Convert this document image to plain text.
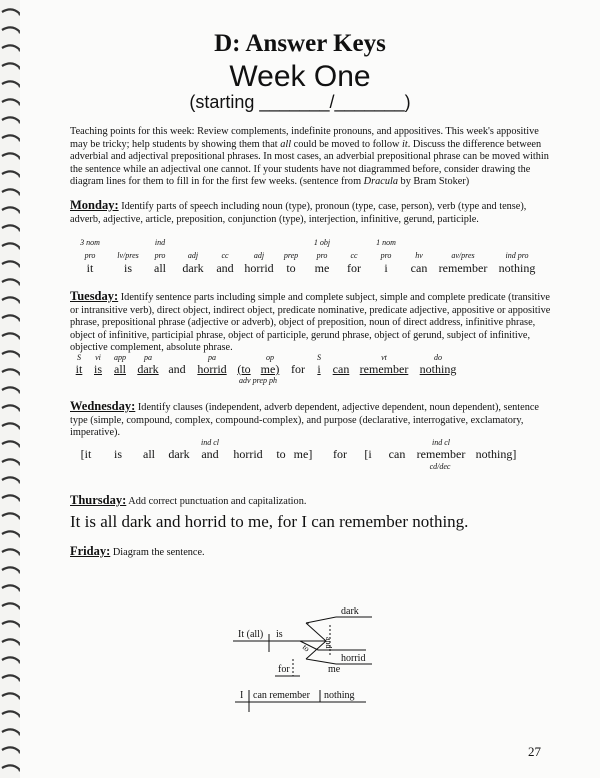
D: Answer Keys
Week One
(starting _______/_______)
Teaching points for this week: Review complements, indefinite pronouns, and appositives. This week's appositive may be tricky; help students by showing them that all could be moved to follow it. Discuss the difference between adverbial and adjectival prepositional phrases. In most cases, an adverbial prepositional phrase can be moved within the sentence while an adjectival one cannot. If your students have not diagrammed before, consider drawing the diagram lines for them to fill in for the first few weeks. (sentence from Dracula by Bram Stoker)
Monday: Identify parts of speech including noun (type), pronoun (type, case, person), verb (type and tense), adverb, adjective, article, preposition, conjunction (type), interjection, infinitive, gerund, participle.
Tuesday: Identify sentence parts including simple and complete subject, simple and complete predicate (transitive or intransitive verb), direct object, indirect object, predicate nominative, predicate adjective, appositive or appositive phrase, prepositional phrase (adjective or adverb), object of preposition, noun of direct address, infinitive phrase, object of infinitive, participial phrase, object of participle, gerund phrase, object of gerund, subject of infinitive, objective complement, absolute phrase.
adv prep ph
Wednesday: Identify clauses (independent, adverb dependent, adjective dependent, noun dependent), sentence type (simple, compound, complex, compound-complex), and purpose (declarative, interrogative, exclamatory, imperative).
cd/dec
Thursday: Add correct punctuation and capitalization.
It is all dark and horrid to me, for I can remember nothing.
Friday: Diagram the sentence.
It (all) is
dark
horrid
and
to
me
for
I can remember nothing
27
3 nom
pro
it
lv/pres
is
ind
pro
all
adj
dark
cc
and
adj
horrid
prep
to
1 obj
pro
me
cc
for
1 nom
pro
i
hv
can
av/pres
remember
ind pro
nothing
S
it
vi
is
app
all
pa
dark and
pa
horrid (to
op
me) for
S
i can
vt
remember
do
nothing
[it is all dark
ind cl
and horrid to me] for [i can
ind cl
remember nothing]
